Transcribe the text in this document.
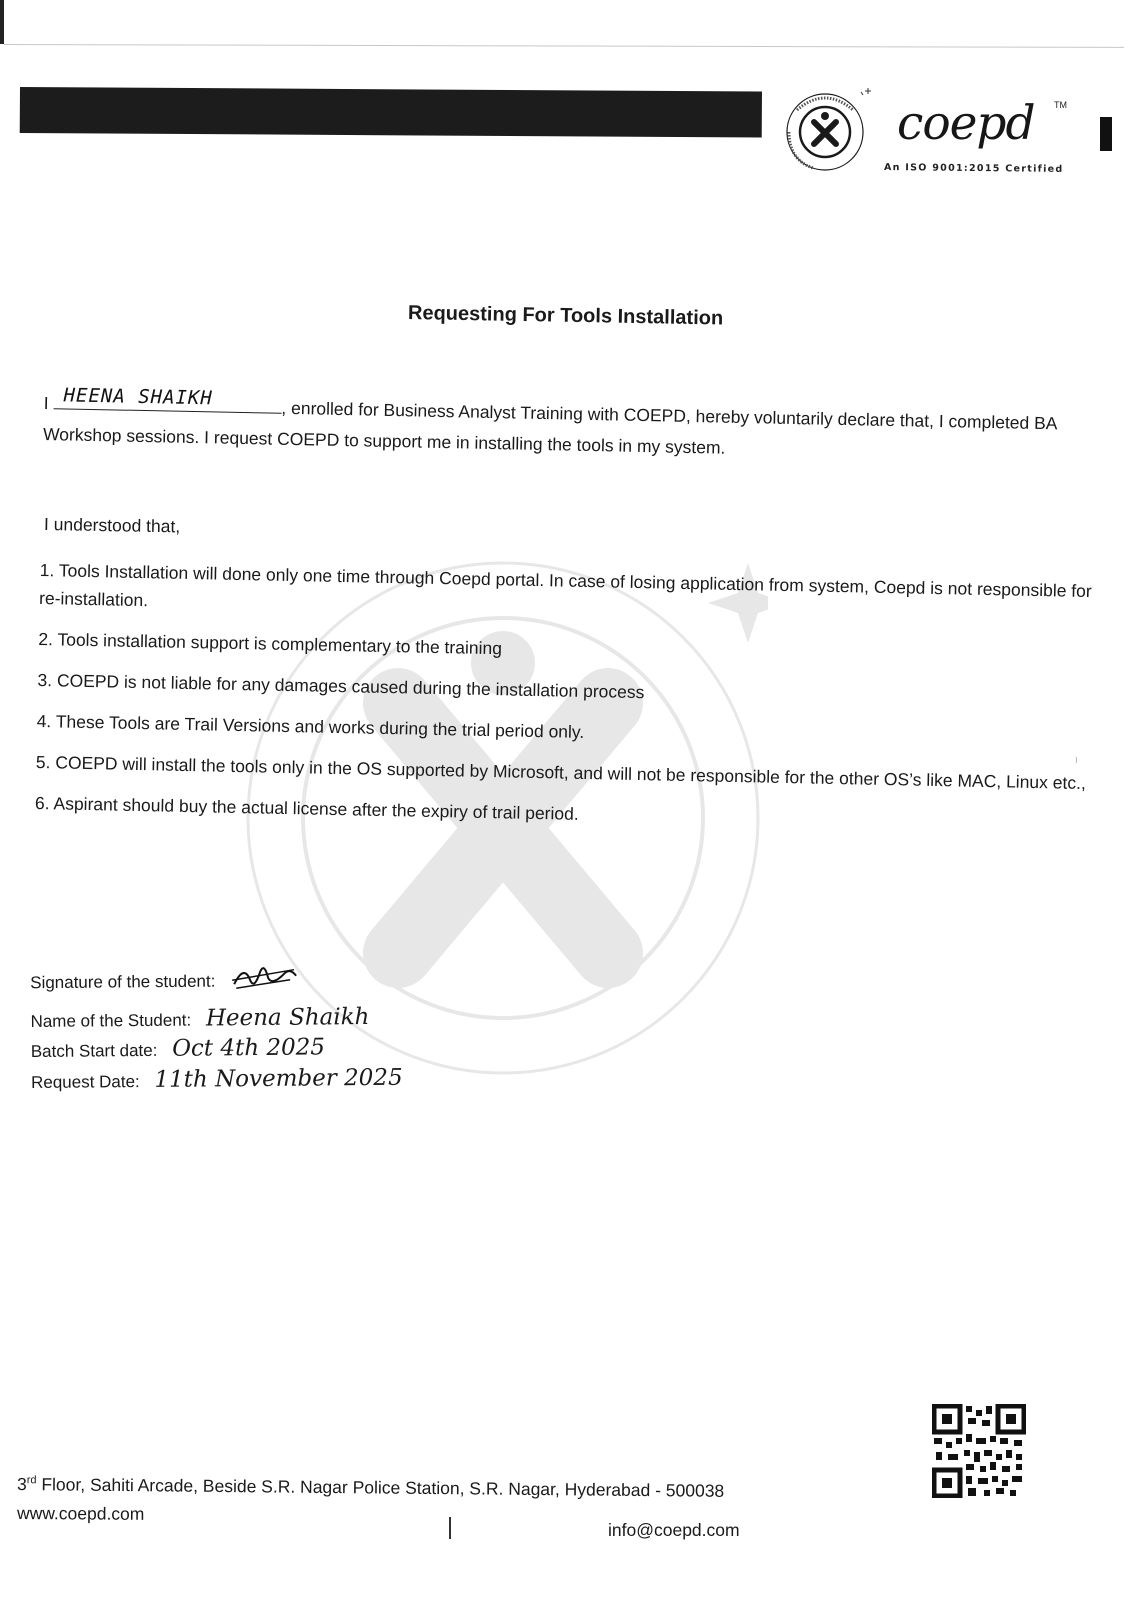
coepd TM
An ISO 9001:2015 Certified
Requesting For Tools Installation
I HEENA SHAIKH
, enrolled for Business Analyst Training with COEPD, hereby voluntarily declare that, I completed BA Workshop sessions. I request COEPD to support me in installing the tools in my system.
I understood that,
1. Tools Installation will done only one time through Coepd portal. In case of losing application from system, Coepd is not responsible for re-installation.
2. Tools installation support is complementary to the training
3. COEPD is not liable for any damages caused during the installation process
4. These Tools are Trail Versions and works during the trial period only.
5. COEPD will install the tools only in the OS supported by Microsoft, and will not be responsible for the other OS’s like MAC, Linux etc.,
6. Aspirant should buy the actual license after the expiry of trail period.
Signature of the student:
Name of the Student: Heena Shaikh
Batch Start date: Oct 4th 2025
Request Date: 11th November 2025
3rd Floor, Sahiti Arcade, Beside S.R. Nagar Police Station, S.R. Nagar, Hyderabad - 500038
www.coepd.com
info@coepd.com
